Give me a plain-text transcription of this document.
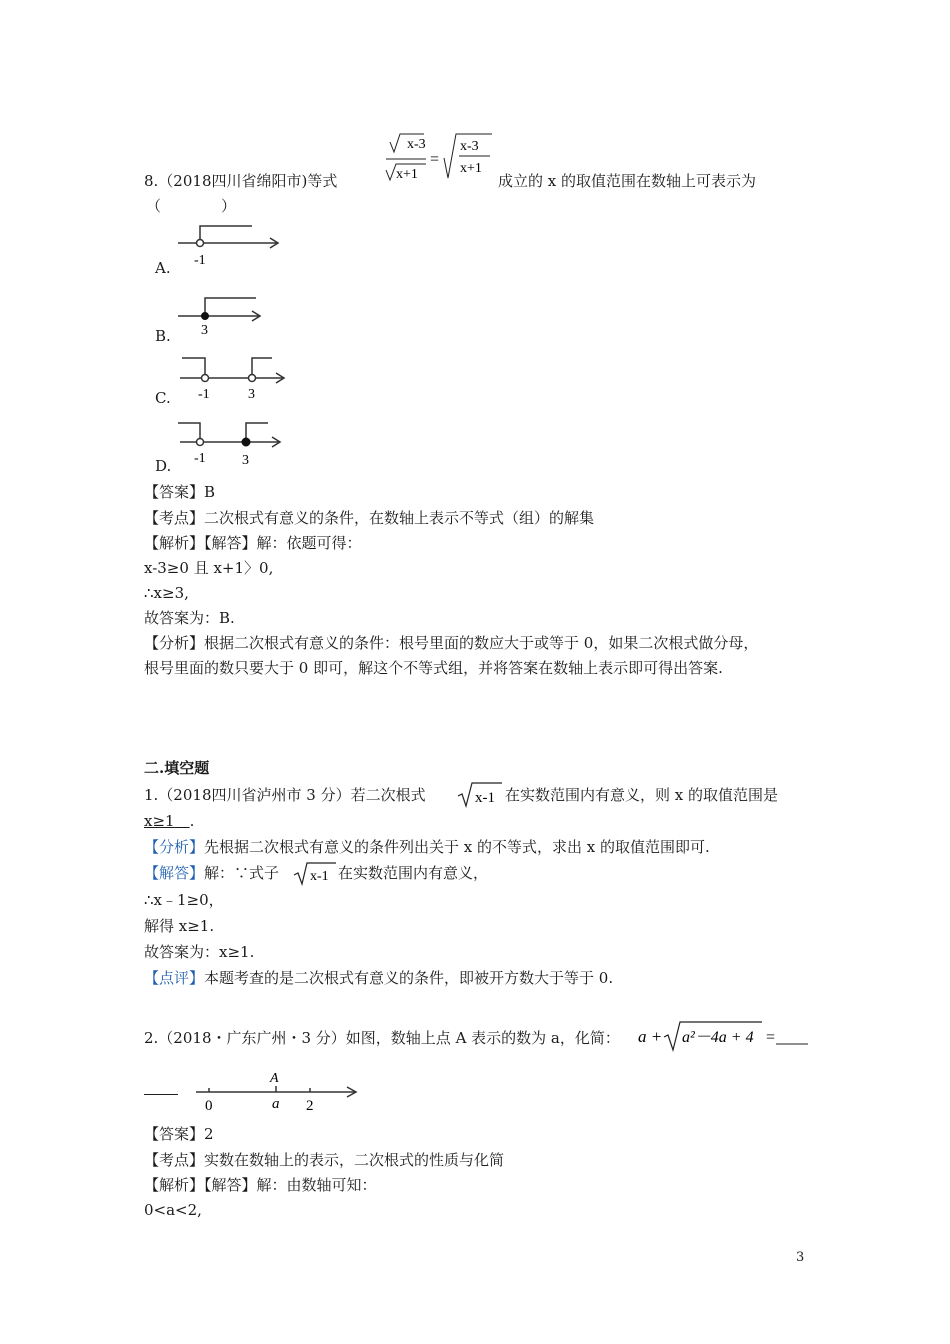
8.（2018四川省绵阳市)等式
x-3
x+1
=
x-3
x+1
成立的 x 的取值范围在数轴上可表示为
（　　　　）
-1
A.
3
B.
-1	3
C.
-1	3
D.
【答案】B
【考点】二次根式有意义的条件，在数轴上表示不等式（组）的解集
【解析】【解答】解：依题可得：
x-3≥0 且 x+1〉0,
∴x≥3,
故答案为：B.
【分析】根据二次根式有意义的条件：根号里面的数应大于或等于 0，如果二次根式做分母，
根号里面的数只要大于 0 即可，解这个不等式组，并将答案在数轴上表示即可得出答案.
二.填空题
1.（2018四川省泸州市 3 分）若二次根式	x-1 在实数范围内有意义，则 x 的取值范围是
x≥1　 .
【分析】先根据二次根式有意义的条件列出关于 x 的不等式，求出 x 的取值范围即可.
【解答】解：∵式子 x-1 在实数范围内有意义，
∴x﹣1≥0，
解得 x≥1.
故答案为：x≥1.
【点评】本题考查的是二次根式有意义的条件，即被开方数大于等于 0.
2.（2018・广东广州・3 分）如图，数轴上点 A 表示的数为 a，化简： a + a²－4a + 4 =
A
0	a 2
【答案】2
【考点】实数在数轴上的表示，二次根式的性质与化简
【解析】【解答】解：由数轴可知：
0<a<2,
3
